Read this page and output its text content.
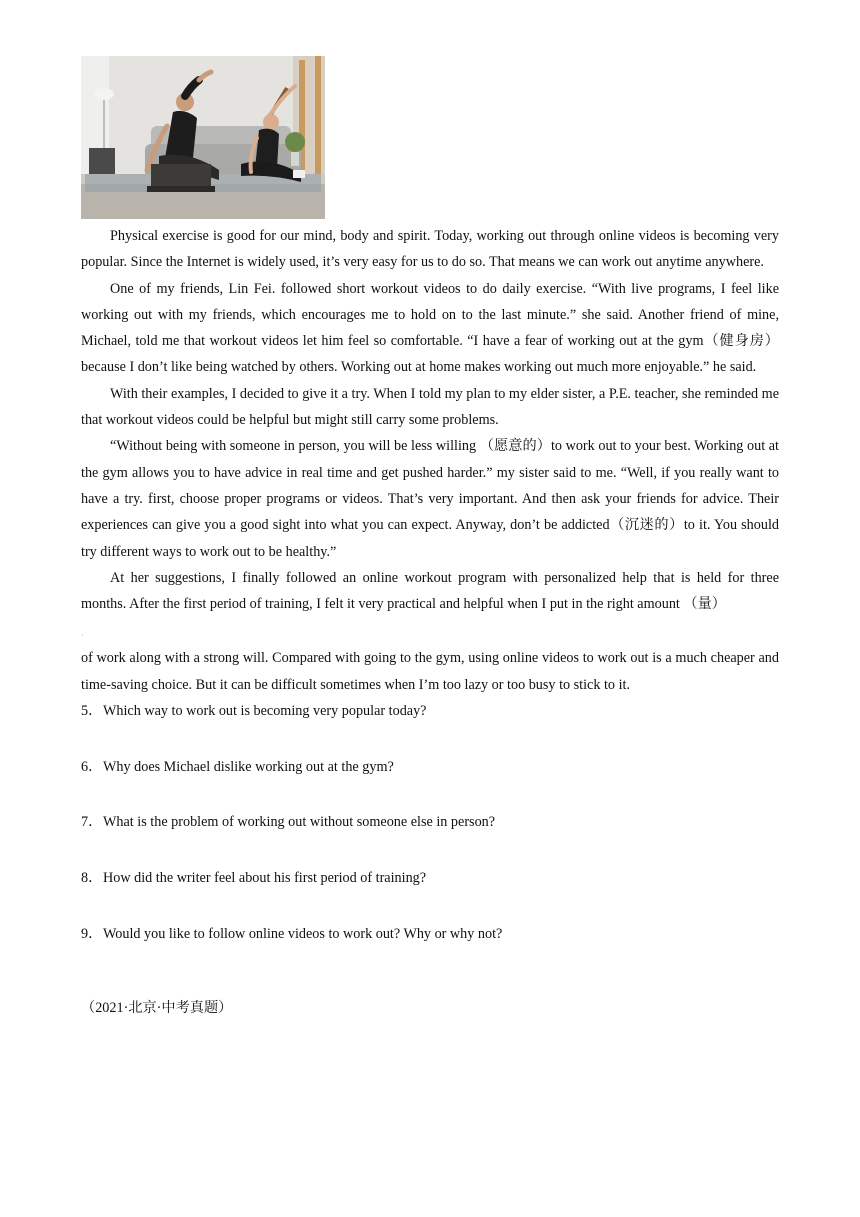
Physical exercise is good for our mind, body and spirit. Today, working out through online videos is becoming very popular. Since the Internet is widely used, it’s very easy for us to do so. That means we can work out anytime anywhere.

One of my friends, Lin Fei. followed short workout videos to do daily exercise. “With live programs, I feel like working out with my friends, which encourages me to hold on to the last minute.” she said. Another friend of mine, Michael, told me that workout videos let him feel so comfortable. “I have a fear of working out at the gym（健身房）because I don’t like being watched by others. Working out at home makes working out much more enjoyable.” he said.

With their examples, I decided to give it a try. When I told my plan to my elder sister, a P.E. teacher, she reminded me that workout videos could be helpful but might still carry some problems.

“Without being with someone in person, you will be less willing （愿意的）to work out to your best. Working out at the gym allows you to have advice in real time and get pushed harder.” my sister said to me. “Well, if you really want to have a try. first, choose proper programs or videos. That’s very important. And then ask your friends for advice. Their experiences can give you a good sight into what you can expect. Anyway, don’t be addicted（沉迷的）to it. You should try different ways to work out to be healthy.”

At her suggestions, I finally followed an online workout program with personalized help that is held for three months. After the first period of training, I felt it very practical and helpful when I put in the right amount （量）

·

of work along with a strong will. Compared with going to the gym, using online videos to work out is a much cheaper and time-saving choice. But it can be difficult sometimes when I’m too lazy or too busy to stick to it.

5． Which way to work out is becoming very popular today?
6． Why does Michael dislike working out at the gym?
7． What is the problem of working out without someone else in person?
8． How did the writer feel about his first period of training?
9． Would you like to follow online videos to work out? Why or why not?
（2021·北京·中考真题）
